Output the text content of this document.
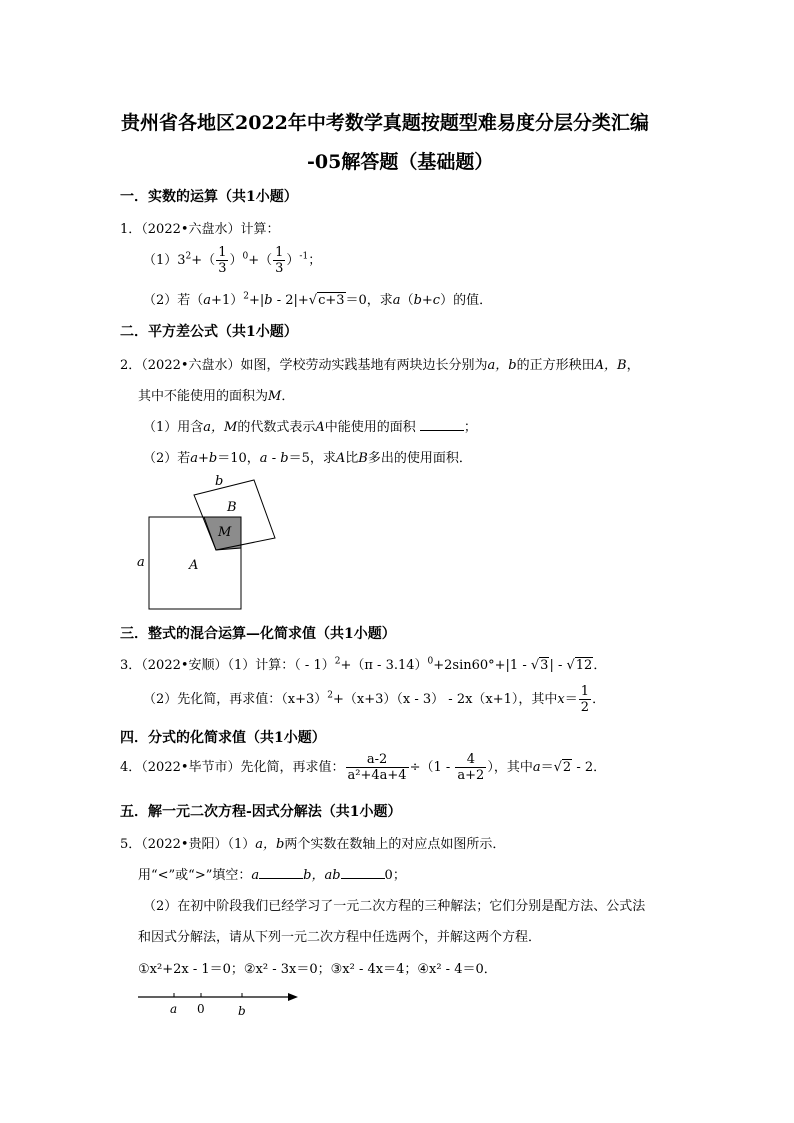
贵州省各地区2022年中考数学真题按题型难易度分层分类汇编
-05解答题（基础题）
一．实数的运算（共1小题）
1．（2022•六盘水）计算：
$(1)3^2+( \frac{1}{3} )^0+( \frac{1}{3} )^{-1}$；
（2）若$(a+1)^2+|b - 2|+√c+3=0$，求a（b+c）的值．
二．平方差公式（共1小题）
2．（2022•六盘水）如图，学校劳动实践基地有两块边长分别为a，b的正方形秧田A，B，
其中不能使用的面积为M．
（1）用含a，M的代数式表示A中能使用的面积	；
（2）若a+b＝10，a - b＝5，求A比B多出的使用面积．
b
B
M
a	A
三．整式的混合运算—化简求值（共1小题）
3．（2022•安顺）（1）计算：（ - 1）$^2$+（π - 3.14）$^0$+2sin60°+|1 - √3| - √12．
（2）先化简，再求值：$(x+3)^2+(x+3)(x - 3) - 2x(x+1)$，其中$x= \frac{1}{2}$ ．
四．分式的化简求值（共1小题）
4．（2022•毕节市）先化简，再求值： $\frac{a-2}{\text{a²+4a+4}} \div(1 - \frac{4}{a+2}$ ），其中a＝√2 - 2．
五．解一元二次方程-因式分解法（共1小题）
5．（2022•贵阳）（1）a，b两个实数在数轴上的对应点如图所示．
用“<”或“>”填空：a	b，ab	0；
（2）在初中阶段我们已经学习了一元二次方程的三种解法；它们分别是配方法、公式法
和因式分解法，请从下列一元二次方程中任选两个，并解这两个方程．
①x²+2x - 1＝0；②x² - 3x＝0；③x² - 4x＝4；④x² - 4＝0．
a 0	b
